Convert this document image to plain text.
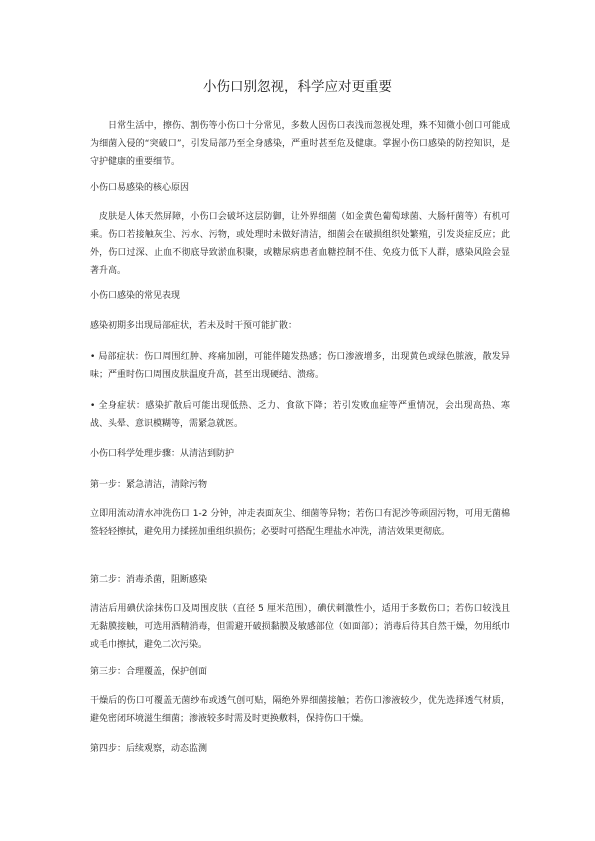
小伤口别忽视，科学应对更重要
日常生活中，擦伤、割伤等小伤口十分常见，多数人因伤口表浅而忽视处理，殊不知微小创口可能成为细菌入侵的“突破口”，引发局部乃至全身感染，严重时甚至危及健康。掌握小伤口感染的防控知识，是守护健康的重要细节。
小伤口易感染的核心原因
皮肤是人体天然屏障，小伤口会破坏这层防御，让外界细菌（如金黄色葡萄球菌、大肠杆菌等）有机可乘。伤口若接触灰尘、污水、污物，或处理时未做好清洁，细菌会在破损组织处繁殖，引发炎症反应；此外，伤口过深、止血不彻底导致淤血积聚，或糖尿病患者血糖控制不佳、免疫力低下人群，感染风险会显著升高。
小伤口感染的常见表现
感染初期多出现局部症状，若未及时干预可能扩散：
• 局部症状：伤口周围红肿、疼痛加剧，可能伴随发热感；伤口渗液增多，出现黄色或绿色脓液，散发异味；严重时伤口周围皮肤温度升高，甚至出现硬结、溃疡。
• 全身症状：感染扩散后可能出现低热、乏力、食欲下降；若引发败血症等严重情况，会出现高热、寒战、头晕、意识模糊等，需紧急就医。
小伤口科学处理步骤：从清洁到防护
第一步：紧急清洁，清除污物
立即用流动清水冲洗伤口 1-2 分钟，冲走表面灰尘、细菌等异物；若伤口有泥沙等顽固污物，可用无菌棉签轻轻擦拭，避免用力揉搓加重组织损伤；必要时可搭配生理盐水冲洗，清洁效果更彻底。
第二步：消毒杀菌，阻断感染
清洁后用碘伏涂抹伤口及周围皮肤（直径 5 厘米范围），碘伏刺激性小，适用于多数伤口；若伤口较浅且无黏膜接触，可选用酒精消毒，但需避开破损黏膜及敏感部位（如面部）；消毒后待其自然干燥，勿用纸巾或毛巾擦拭，避免二次污染。
第三步：合理覆盖，保护创面
干燥后的伤口可覆盖无菌纱布或透气创可贴，隔绝外界细菌接触；若伤口渗液较少，优先选择透气材质，避免密闭环境滋生细菌；渗液较多时需及时更换敷料，保持伤口干燥。
第四步：后续观察，动态监测
